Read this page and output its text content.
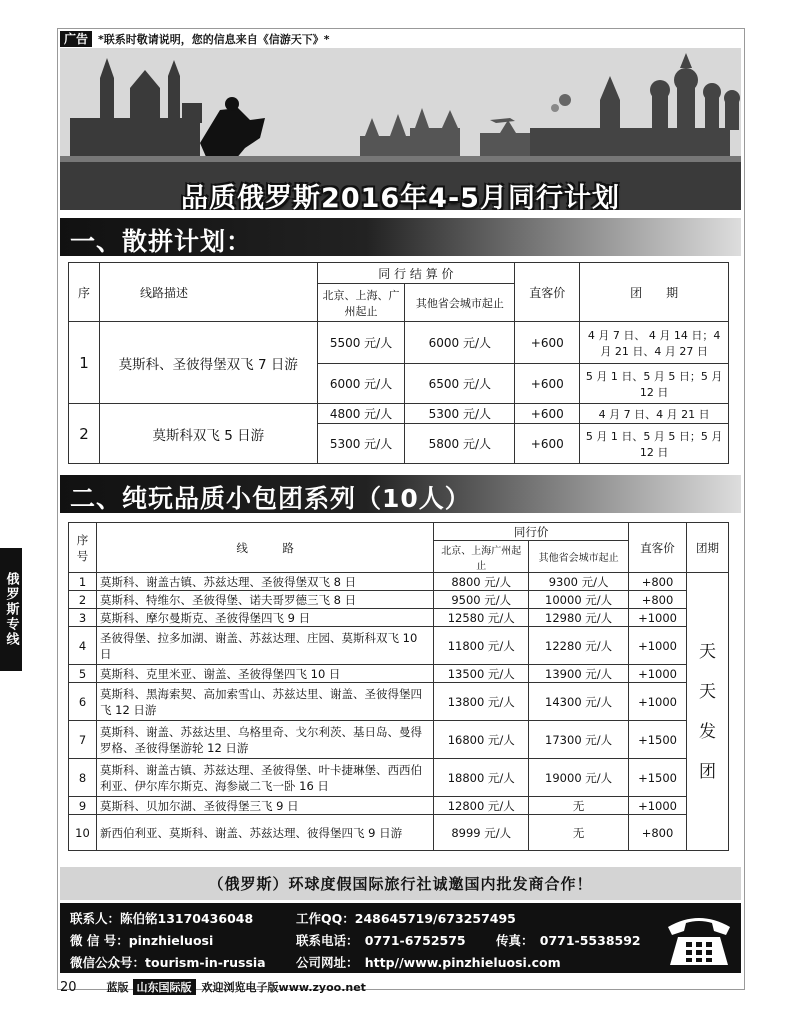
广告 *联系时敬请说明，您的信息来自《信游天下》*
品质俄罗斯2016年4-5月同行计划
一、散拼计划：
序	线路描述	同 行 结 算 价		直客价	团　　期
		北京、上海、广州起止	其他省会城市起止		
1	莫斯科、圣彼得堡双飞 7 日游	5500 元/人	6000 元/人	+600	4 月 7 日、 4 月 14 日；4 月 21 日、4 月 27 日
		6000 元/人	6500 元/人	+600	5 月 1 日、5 月 5 日；5 月 12 日
2	莫斯科双飞 5 日游	4800 元/人	5300 元/人	+600	4 月 7 日、4 月 21 日
		5300 元/人	5800 元/人	+600	5 月 1 日、5 月 5 日；5 月 12 日
二、纯玩品质小包团系列（10人）
序号	线　　　路	同行价		直客价	团期
		北京、上海广州起止	其他省会城市起止		
1	莫斯科、谢盖古镇、苏兹达理、圣彼得堡双飞 8 日	8800 元/人	9300 元/人	+800	天天发团
2	莫斯科、特维尔、圣彼得堡、诺夫哥罗德三飞 8 日	9500 元/人	10000 元/人	+800	
3	莫斯科、摩尔曼斯克、圣彼得堡四飞 9 日	12580 元/人	12980 元/人	+1000	
4	圣彼得堡、拉多加湖、谢盖、苏兹达理、庄园、莫斯科双飞 10 日	11800 元/人	12280 元/人	+1000	
5	莫斯科、克里米亚、谢盖、圣彼得堡四飞 10 日	13500 元/人	13900 元/人	+1000	
6	莫斯科、黑海索契、高加索雪山、苏兹达里、谢盖、圣彼得堡四飞 12 日游	13800 元/人	14300 元/人	+1000	
7	莫斯科、谢盖、苏兹达里、乌格里奇、戈尔利茨、基日岛、曼得罗格、圣彼得堡游轮 12 日游	16800 元/人	17300 元/人	+1500	
8	莫斯科、谢盖古镇、苏兹达理、圣彼得堡、叶卡捷琳堡、西西伯利亚、伊尔库尔斯克、海参崴二飞一卧 16 日	18800 元/人	19000 元/人	+1500	
9	莫斯科、贝加尔湖、圣彼得堡三飞 9 日	12800 元/人	无	+1000	
10	新西伯利亚、莫斯科、谢盖、苏兹达理、彼得堡四飞 9 日游	8999 元/人	无	+800	
俄罗斯专线
（俄罗斯）环球度假国际旅行社诚邀国内批发商合作！
联系人：陈伯铭13170436048	工作QQ：248645719/673257495
微 信 号：pinzhieluosi	联系电话：　0771-6752575 传真：　0771-5538592
微信公众号：tourism-in-russia 公司网址：　http//www.pinzhieluosi.com
20	蓝版 山东国际版 欢迎浏览电子版www.zyoo.net
